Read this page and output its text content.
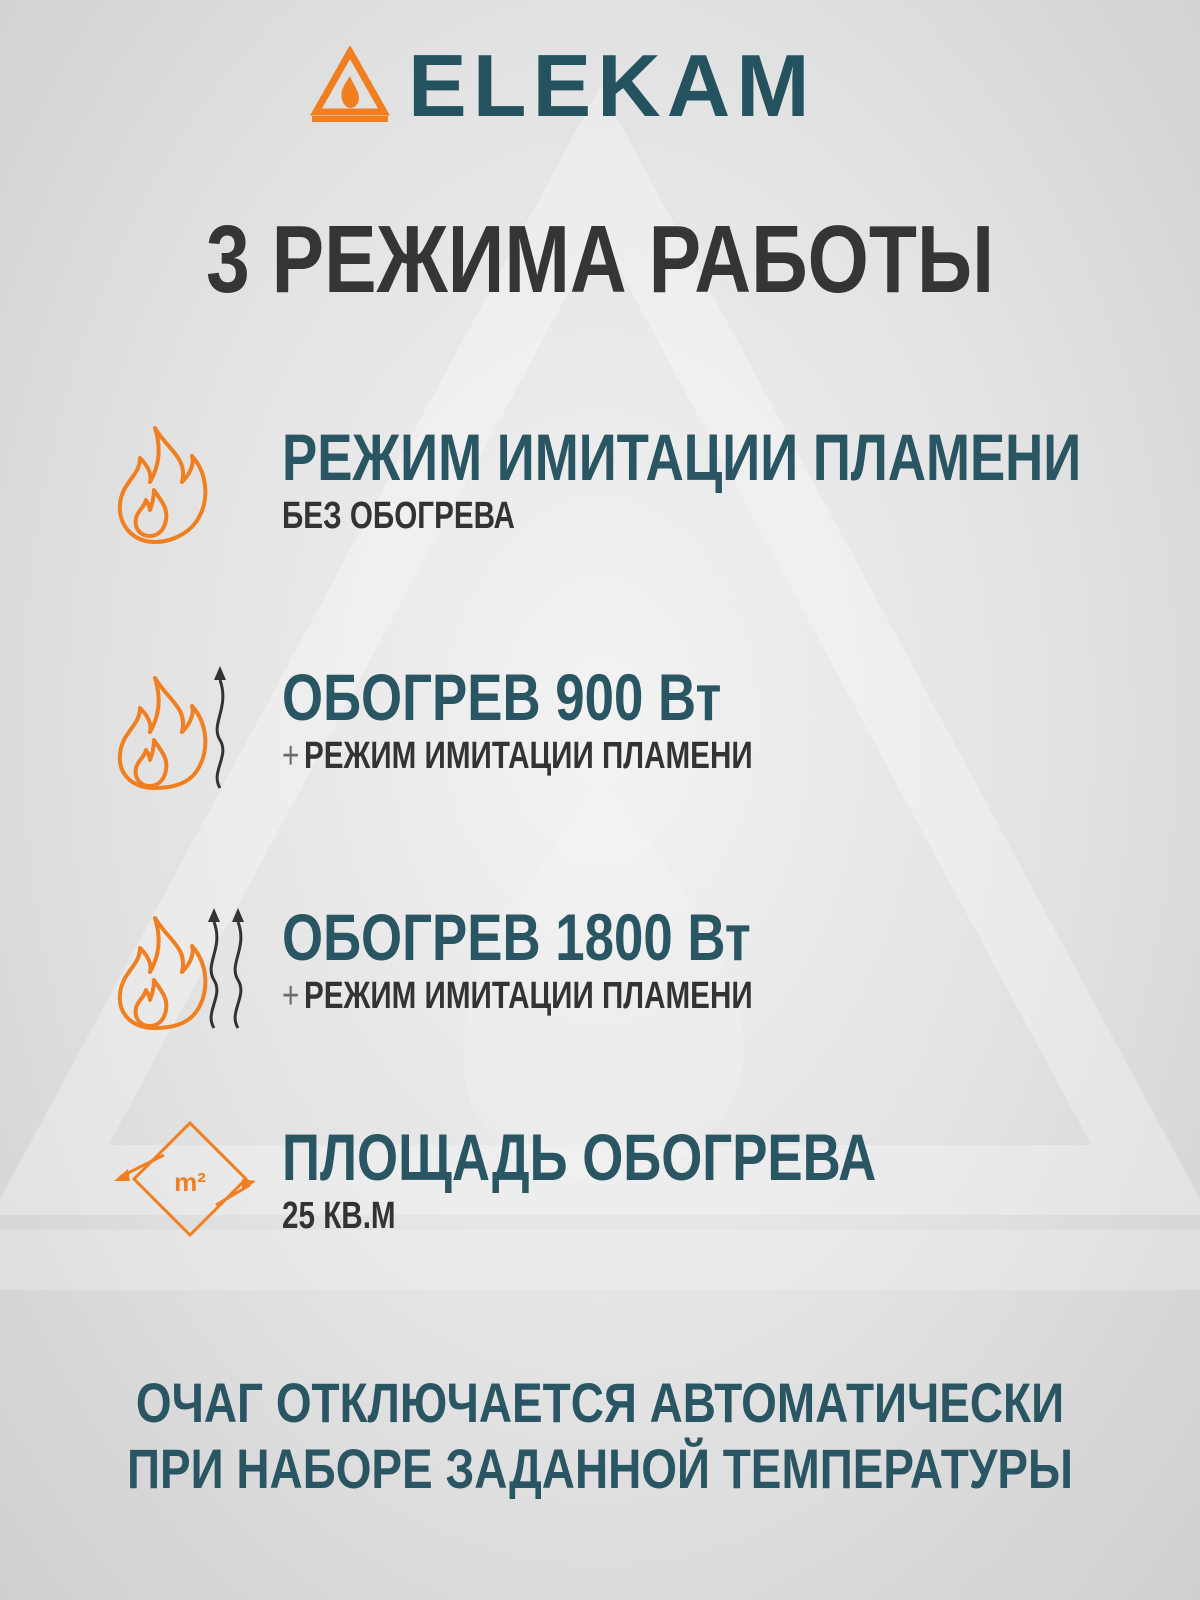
ELEKAM
3 РЕЖИМА РАБОТЫ
РЕЖИМ ИМИТАЦИИ ПЛАМЕНИ
БЕЗ ОБОГРЕВА
ОБОГРЕВ 900 Вт
+ РЕЖИМ ИМИТАЦИИ ПЛАМЕНИ
ОБОГРЕВ 1800 Вт
+ РЕЖИМ ИМИТАЦИИ ПЛАМЕНИ
m² ПЛОЩАДЬ ОБОГРЕВА
25 КВ.М
ОЧАГ ОТКЛЮЧАЕТСЯ АВТОМАТИЧЕСКИ
ПРИ НАБОРЕ ЗАДАННОЙ ТЕМПЕРАТУРЫ
